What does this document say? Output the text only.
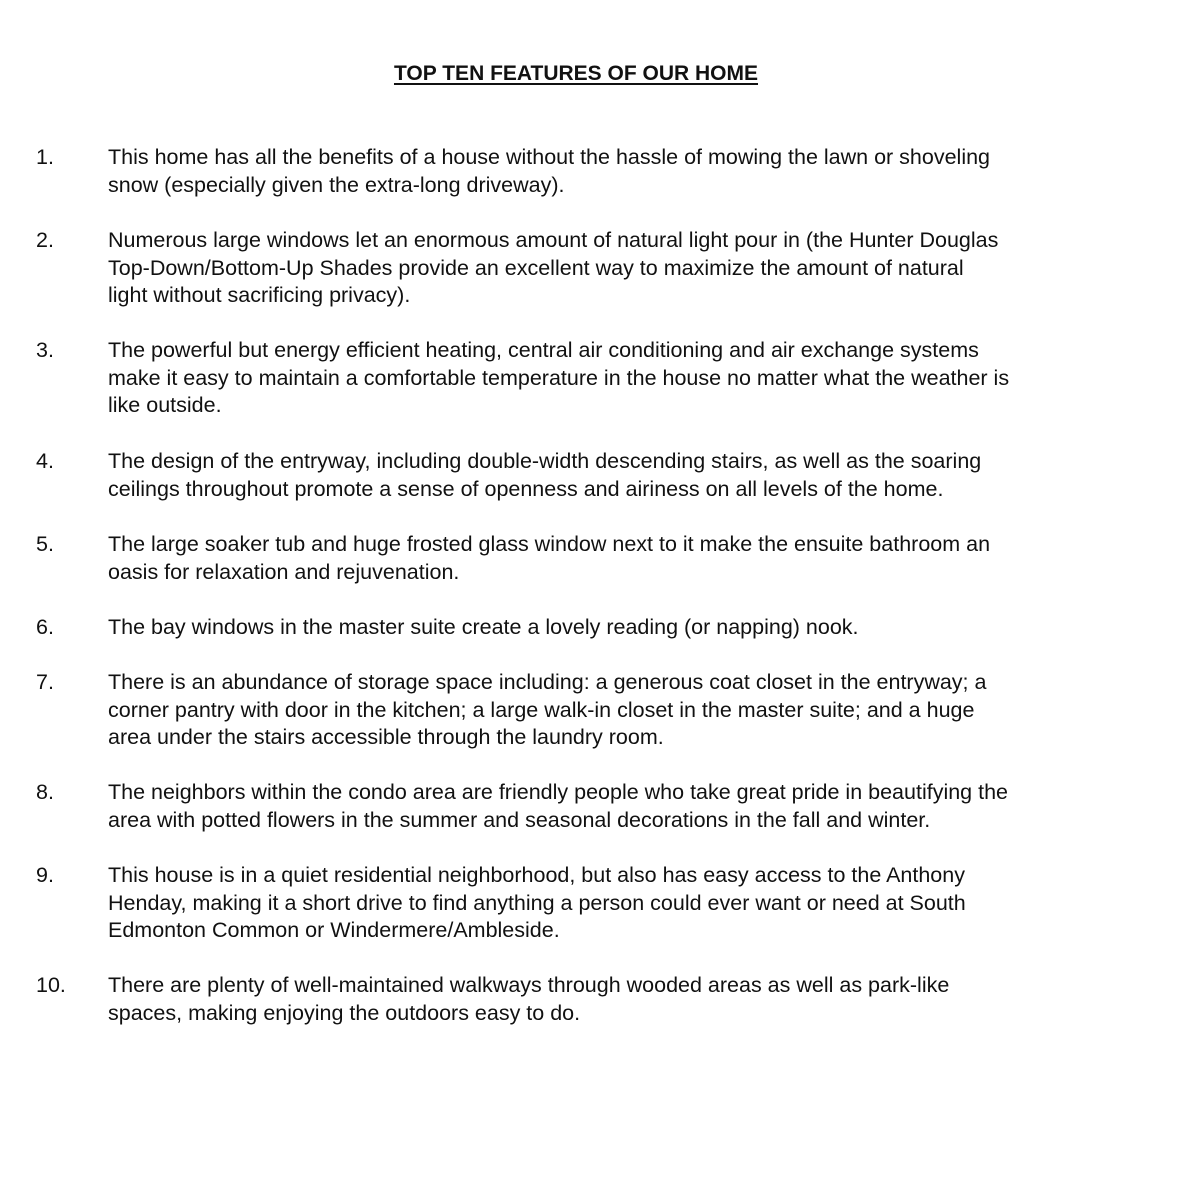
TOP TEN FEATURES OF OUR HOME
1.	This home has all the benefits of a house without the hassle of mowing the lawn or shoveling
snow (especially given the extra-long driveway).
2.	Numerous large windows let an enormous amount of natural light pour in (the Hunter Douglas
Top-Down/Bottom-Up Shades provide an excellent way to maximize the amount of natural
light without sacrificing privacy).
3.	The powerful but energy efficient heating, central air conditioning and air exchange systems
make it easy to maintain a comfortable temperature in the house no matter what the weather is
like outside.
4.	The design of the entryway, including double-width descending stairs, as well as the soaring
ceilings throughout promote a sense of openness and airiness on all levels of the home.
5.	The large soaker tub and huge frosted glass window next to it make the ensuite bathroom an
oasis for relaxation and rejuvenation.
6.	The bay windows in the master suite create a lovely reading (or napping) nook.
7.	There is an abundance of storage space including: a generous coat closet in the entryway; a
corner pantry with door in the kitchen; a large walk-in closet in the master suite; and a huge
area under the stairs accessible through the laundry room.
8.	The neighbors within the condo area are friendly people who take great pride in beautifying the
area with potted flowers in the summer and seasonal decorations in the fall and winter.
9.	This house is in a quiet residential neighborhood, but also has easy access to the Anthony
Henday, making it a short drive to find anything a person could ever want or need at South
Edmonton Common or Windermere/Ambleside.
10.	There are plenty of well-maintained walkways through wooded areas as well as park-like
spaces, making enjoying the outdoors easy to do.
